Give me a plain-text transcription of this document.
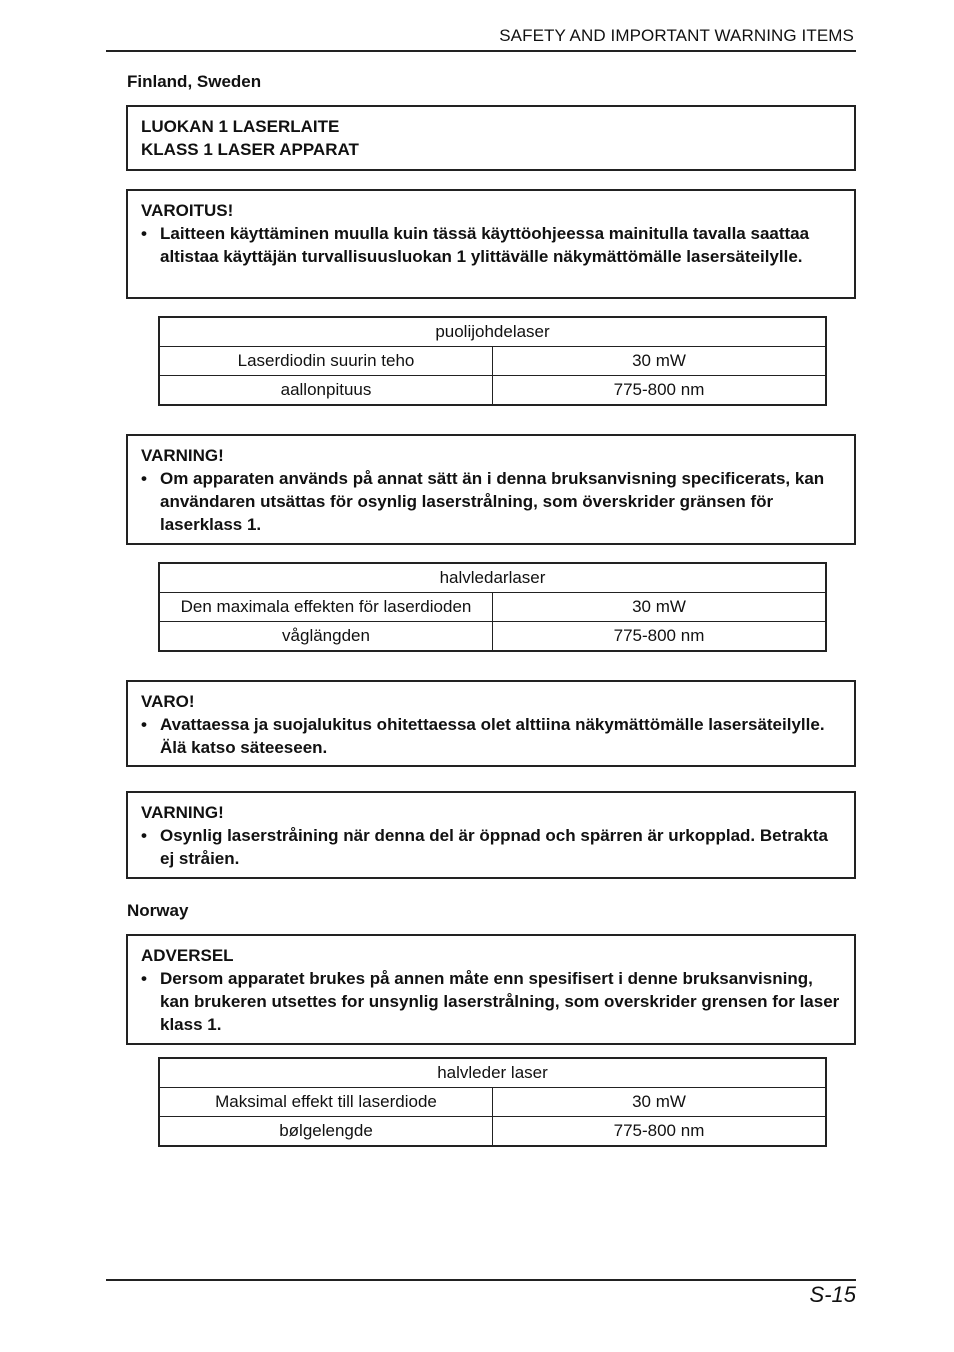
SAFETY AND IMPORTANT WARNING ITEMS
Finland, Sweden
LUOKAN 1 LASERLAITE
KLASS 1 LASER APPARAT
VAROITUS!
• Laitteen käyttäminen muulla kuin tässä käyttöohjeessa mainitulla tavalla saattaa altistaa käyttäjän turvallisuusluokan 1 ylittävälle näkymättömälle lasersäteilylle.
puolijohdelaser	
Laserdiodin suurin teho	30 mW
aallonpituus	775-800 nm
VARNING!
• Om apparaten används på annat sätt än i denna bruksanvisning specificerats, kan användaren utsättas för osynlig laserstrålning, som överskrider gränsen för laserklass 1.
halvledarlaser	
Den maximala effekten för laserdioden	30 mW
våglängden	775-800 nm
VARO!
• Avattaessa ja suojalukitus ohitettaessa olet alttiina näkymättömälle lasersäteilylle. Älä katso säteeseen.
VARNING!
• Osynlig laserstråining när denna del är öppnad och spärren är urkopplad. Betrakta ej stråien.
Norway
ADVERSEL
• Dersom apparatet brukes på annen måte enn spesifisert i denne bruksanvisning, kan brukeren utsettes for unsynlig laserstrålning, som overskrider grensen for laser klass 1.
halvleder laser	
Maksimal effekt till laserdiode	30 mW
bølgelengde	775-800 nm
S-15
